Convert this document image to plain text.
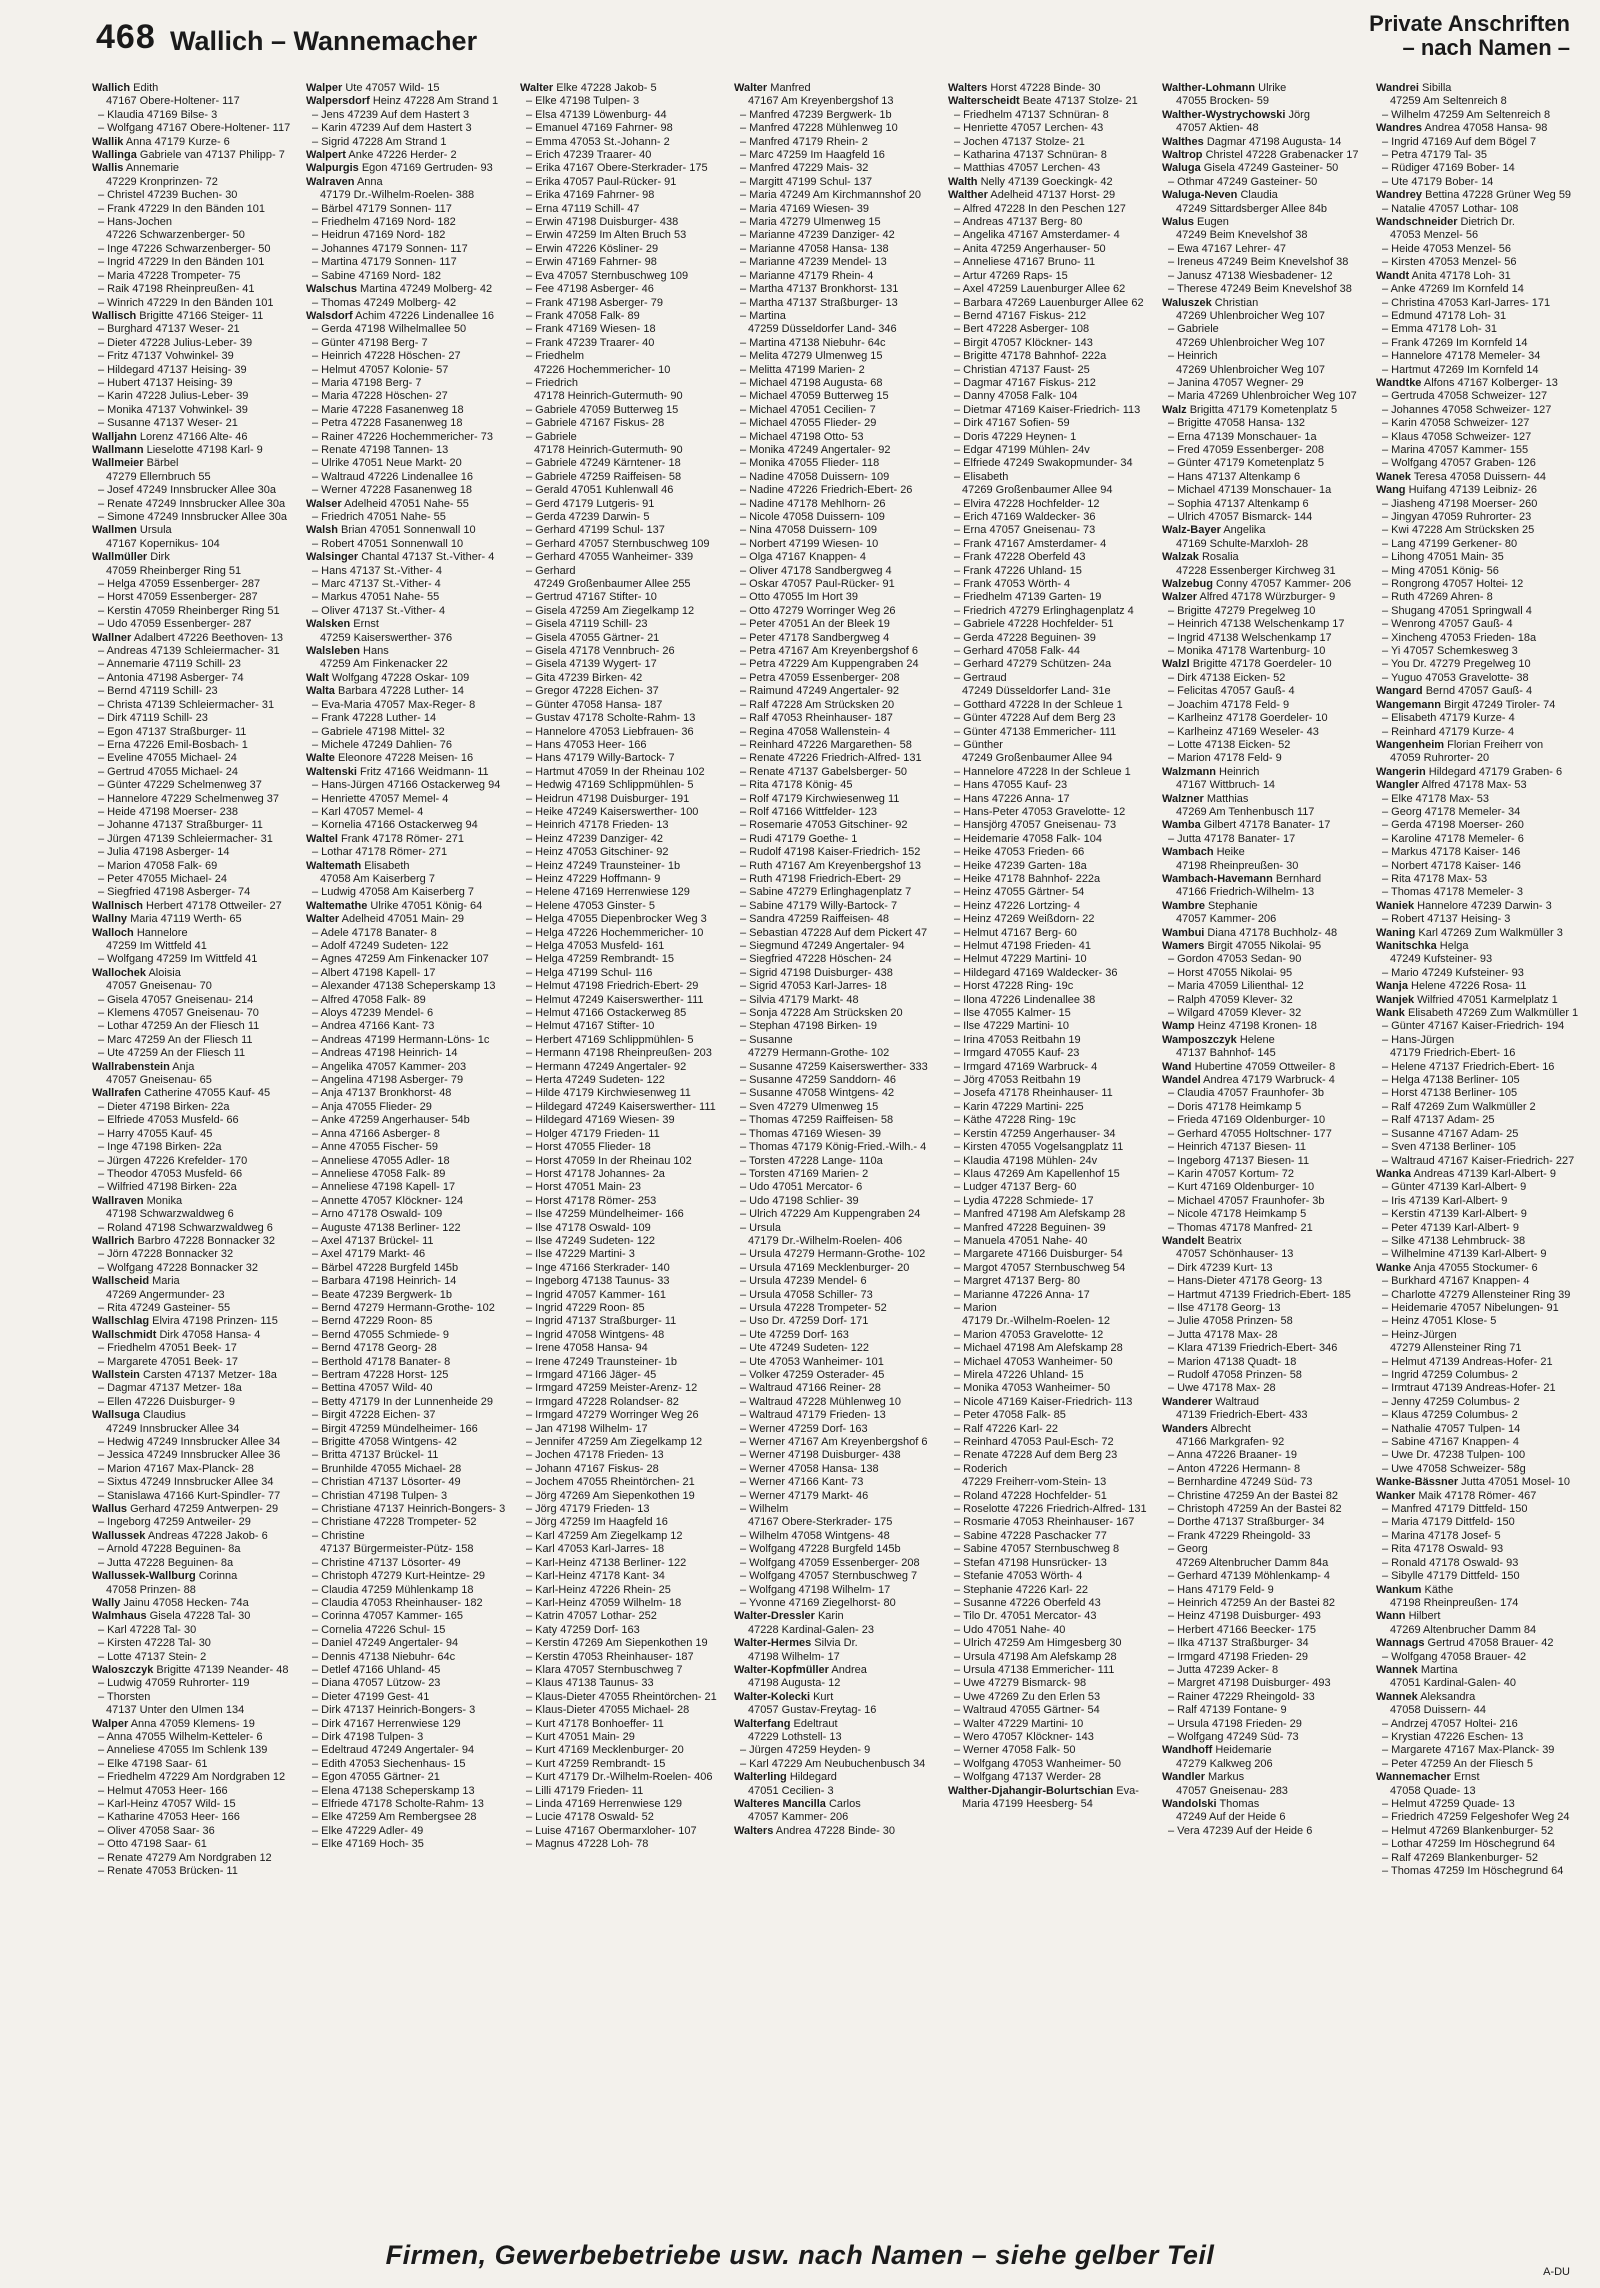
468 Wallich – Wannemacher
Private Anschriften
– nach Namen –
Wallich Edith
47167 Obere-Holtener- 117
– Klaudia 47169 Bilse- 3
– Wolfgang 47167 Obere-Holtener- 117
Wallik Anna 47179 Kurze- 6
Wallinga Gabriele van 47137 Philipp- 7
Wallis Annemarie
47229 Kronprinzen- 72
– Christel 47239 Buchen- 30
– Frank 47229 In den Bänden 101
– Hans-Jochen
47226 Schwarzenberger- 50
– Inge 47226 Schwarzenberger- 50
– Ingrid 47229 In den Bänden 101
– Maria 47228 Trompeter- 75
– Raik 47198 Rheinpreußen- 41
– Winrich 47229 In den Bänden 101
Wallisch Brigitte 47166 Steiger- 11
– Burghard 47137 Weser- 21
– Dieter 47228 Julius-Leber- 39
– Fritz 47137 Vohwinkel- 39
– Hildegard 47137 Heising- 39
– Hubert 47137 Heising- 39
– Karin 47228 Julius-Leber- 39
– Monika 47137 Vohwinkel- 39
– Susanne 47137 Weser- 21
Walljahn Lorenz 47166 Alte- 46
Wallmann Lieselotte 47198 Karl- 9
Wallmeier Bärbel
47279 Ellernbruch 55
– Josef 47249 Innsbrucker Allee 30a
– Renate 47249 Innsbrucker Allee 30a
– Simone 47249 Innsbrucker Allee 30a
Wallmen Ursula
47167 Kopernikus- 104
Wallmüller Dirk
47059 Rheinberger Ring 51
– Helga 47059 Essenberger- 287
– Horst 47059 Essenberger- 287
– Kerstin 47059 Rheinberger Ring 51
– Udo 47059 Essenberger- 287
Wallner Adalbert 47226 Beethoven- 13
– Andreas 47139 Schleiermacher- 31
– Annemarie 47119 Schill- 23
– Antonia 47198 Asberger- 74
– Bernd 47119 Schill- 23
– Christa 47139 Schleiermacher- 31
– Dirk 47119 Schill- 23
– Egon 47137 Straßburger- 11
– Erna 47226 Emil-Bosbach- 1
– Eveline 47055 Michael- 24
– Gertrud 47055 Michael- 24
– Günter 47229 Schelmenweg 37
– Hannelore 47229 Schelmenweg 37
– Heide 47198 Moerser- 238
– Johanne 47137 Straßburger- 11
– Jürgen 47139 Schleiermacher- 31
– Julia 47198 Asberger- 14
– Marion 47058 Falk- 69
– Peter 47055 Michael- 24
– Siegfried 47198 Asberger- 74
Wallnisch Herbert 47178 Ottweiler- 27
Wallny Maria 47119 Werth- 65
Walloch Hannelore
47259 Im Wittfeld 41
– Wolfgang 47259 Im Wittfeld 41
Wallochek Aloisia
47057 Gneisenau- 70
– Gisela 47057 Gneisenau- 214
– Klemens 47057 Gneisenau- 70
– Lothar 47259 An der Fliesch 11
– Marc 47259 An der Fliesch 11
– Ute 47259 An der Fliesch 11
Wallrabenstein Anja
47057 Gneisenau- 65
Wallrafen Catherine 47055 Kauf- 45
– Dieter 47198 Birken- 22a
– Elfriede 47053 Musfeld- 66
– Harry 47055 Kauf- 45
– Inge 47198 Birken- 22a
– Jürgen 47226 Krefelder- 170
– Theodor 47053 Musfeld- 66
– Wilfried 47198 Birken- 22a
Wallraven Monika
47198 Schwarzwaldweg 6
– Roland 47198 Schwarzwaldweg 6
Wallrich Barbro 47228 Bonnacker 32
– Jörn 47228 Bonnacker 32
– Wolfgang 47228 Bonnacker 32
Wallscheid Maria
47269 Angermunder- 23
– Rita 47249 Gasteiner- 55
Wallschlag Elvira 47198 Prinzen- 115
Wallschmidt Dirk 47058 Hansa- 4
– Friedhelm 47051 Beek- 17
– Margarete 47051 Beek- 17
Wallstein Carsten 47137 Metzer- 18a
– Dagmar 47137 Metzer- 18a
– Ellen 47226 Duisburger- 9
Wallsuga Claudius
47249 Innsbrucker Allee 34
– Hedwig 47249 Innsbrucker Allee 34
– Jessica 47249 Innsbrucker Allee 36
– Marion 47167 Max-Planck- 28
– Sixtus 47249 Innsbrucker Allee 34
– Stanislawa 47166 Kurt-Spindler- 77
Wallus Gerhard 47259 Antwerpen- 29
– Ingeborg 47259 Antweiler- 29
Wallussek Andreas 47228 Jakob- 6
– Arnold 47228 Beguinen- 8a
– Jutta 47228 Beguinen- 8a
Wallussek-Wallburg Corinna
47058 Prinzen- 88
Wally Jainu 47058 Hecken- 74a
Walmhaus Gisela 47228 Tal- 30
– Karl 47228 Tal- 30
– Kirsten 47228 Tal- 30
– Lotte 47137 Stein- 2
Waloszczyk Brigitte 47139 Neander- 48
– Ludwig 47059 Ruhrorter- 119
– Thorsten
47137 Unter den Ulmen 134
Walper Anna 47059 Klemens- 19
– Anna 47055 Wilhelm-Ketteler- 6
– Anneliese 47055 Im Schlenk 139
– Elke 47198 Saar- 61
– Friedhelm 47229 Am Nordgraben 12
– Helmut 47053 Heer- 166
– Karl-Heinz 47057 Wild- 15
– Katharine 47053 Heer- 166
– Oliver 47058 Saar- 36
– Otto 47198 Saar- 61
– Renate 47279 Am Nordgraben 12
– Renate 47053 Brücken- 11
Walper Ute 47057 Wild- 15
Walpersdorf Heinz 47228 Am Strand 1
– Jens 47239 Auf dem Hastert 3
– Karin 47239 Auf dem Hastert 3
– Sigrid 47228 Am Strand 1
Walpert Anke 47226 Herder- 2
Walpurgis Egon 47169 Gertruden- 93
Walraven Anna
47179 Dr.-Wilhelm-Roelen- 388
– Bärbel 47179 Sonnen- 117
– Friedhelm 47169 Nord- 182
– Heidrun 47169 Nord- 182
– Johannes 47179 Sonnen- 117
– Martina 47179 Sonnen- 117
– Sabine 47169 Nord- 182
Walschus Martina 47249 Molberg- 42
– Thomas 47249 Molberg- 42
Walsdorf Achim 47226 Lindenallee 16
– Gerda 47198 Wilhelmallee 50
– Günter 47198 Berg- 7
– Heinrich 47228 Höschen- 27
– Helmut 47057 Kolonie- 57
– Maria 47198 Berg- 7
– Maria 47228 Höschen- 27
– Marie 47228 Fasanenweg 18
– Petra 47228 Fasanenweg 18
– Rainer 47226 Hochemmericher- 73
– Renate 47198 Tannen- 13
– Ulrike 47051 Neue Markt- 20
– Waltraud 47226 Lindenallee 16
– Werner 47228 Fasanenweg 18
Walser Adelheid 47051 Nahe- 55
– Friedrich 47051 Nahe- 55
Walsh Brian 47051 Sonnenwall 10
– Robert 47051 Sonnenwall 10
Walsinger Chantal 47137 St.-Vither- 4
– Hans 47137 St.-Vither- 4
– Marc 47137 St.-Vither- 4
– Markus 47051 Nahe- 55
– Oliver 47137 St.-Vither- 4
Walsken Ernst
47259 Kaiserswerther- 376
Walsleben Hans
47259 Am Finkenacker 22
Walt Wolfgang 47228 Oskar- 109
Walta Barbara 47228 Luther- 14
– Eva-Maria 47057 Max-Reger- 8
– Frank 47228 Luther- 14
– Gabriele 47198 Mittel- 32
– Michele 47249 Dahlien- 76
Walte Eleonore 47228 Meisen- 16
Waltenski Fritz 47166 Weidmann- 11
– Hans-Jürgen 47166 Ostackerweg 94
– Henriette 47057 Memel- 4
– Karl 47057 Memel- 4
– Kornelia 47166 Ostackerweg 94
Waltel Frank 47178 Römer- 271
– Lothar 47178 Römer- 271
Waltemath Elisabeth
47058 Am Kaiserberg 7
– Ludwig 47058 Am Kaiserberg 7
Waltemathe Ulrike 47051 König- 64
Walter Adelheid 47051 Main- 29
– Adele 47178 Banater- 8
– Adolf 47249 Sudeten- 122
– Agnes 47259 Am Finkenacker 107
– Albert 47198 Kapell- 17
– Alexander 47138 Scheperskamp 13
– Alfred 47058 Falk- 89
– Aloys 47239 Mendel- 6
– Andrea 47166 Kant- 73
– Andreas 47199 Hermann-Löns- 1c
– Andreas 47198 Heinrich- 14
– Angelika 47057 Kammer- 203
– Angelina 47198 Asberger- 79
– Anja 47137 Bronkhorst- 48
– Anja 47055 Flieder- 29
– Anke 47259 Angerhauser- 54b
– Anna 47166 Asberger- 8
– Anne 47055 Fischer- 59
– Anneliese 47055 Adler- 18
– Anneliese 47058 Falk- 89
– Anneliese 47198 Kapell- 17
– Annette 47057 Klöckner- 124
– Arno 47178 Oswald- 109
– Auguste 47138 Berliner- 122
– Axel 47137 Brückel- 11
– Axel 47179 Markt- 46
– Bärbel 47228 Burgfeld 145b
– Barbara 47198 Heinrich- 14
– Beate 47239 Bergwerk- 1b
– Bernd 47279 Hermann-Grothe- 102
– Bernd 47229 Roon- 85
– Bernd 47055 Schmiede- 9
– Bernd 47178 Georg- 28
– Berthold 47178 Banater- 8
– Bertram 47228 Horst- 125
– Bettina 47057 Wild- 40
– Betty 47179 In der Lunnenheide 29
– Birgit 47228 Eichen- 37
– Birgit 47259 Mündelheimer- 166
– Brigitte 47058 Wintgens- 42
– Britta 47137 Brückel- 11
– Brunhilde 47055 Michael- 28
– Christian 47137 Lösorter- 49
– Christian 47198 Tulpen- 3
– Christiane 47137 Heinrich-Bongers- 3
– Christiane 47228 Trompeter- 52
– Christine
47137 Bürgermeister-Pütz- 158
– Christine 47137 Lösorter- 49
– Christoph 47279 Kurt-Heintze- 29
– Claudia 47259 Mühlenkamp 18
– Claudia 47053 Rheinhauser- 182
– Corinna 47057 Kammer- 165
– Cornelia 47226 Schul- 15
– Daniel 47249 Angertaler- 94
– Dennis 47138 Niebuhr- 64c
– Detlef 47166 Uhland- 45
– Diana 47057 Lützow- 23
– Dieter 47199 Gest- 41
– Dirk 47137 Heinrich-Bongers- 3
– Dirk 47167 Herrenwiese 129
– Dirk 47198 Tulpen- 3
– Edeltraud 47249 Angertaler- 94
– Edith 47053 Siechenhaus- 15
– Egon 47055 Gärtner- 21
– Elena 47138 Scheperskamp 13
– Elfriede 47178 Scholte-Rahm- 13
– Elke 47259 Am Rembergsee 28
– Elke 47229 Adler- 49
– Elke 47169 Hoch- 35
Walter Elke 47228 Jakob- 5
– Elke 47198 Tulpen- 3
– Elsa 47139 Löwenburg- 44
– Emanuel 47169 Fahrner- 98
– Emma 47053 St.-Johann- 2
– Erich 47239 Traarer- 40
– Erika 47167 Obere-Sterkrader- 175
– Erika 47057 Paul-Rücker- 91
– Erika 47169 Fahrner- 98
– Erna 47119 Schill- 47
– Erwin 47198 Duisburger- 438
– Erwin 47259 Im Alten Bruch 53
– Erwin 47226 Kösliner- 29
– Erwin 47169 Fahrner- 98
– Eva 47057 Sternbuschweg 109
– Fee 47198 Asberger- 46
– Frank 47198 Asberger- 79
– Frank 47058 Falk- 89
– Frank 47169 Wiesen- 18
– Frank 47239 Traarer- 40
– Friedhelm
47226 Hochemmericher- 10
– Friedrich
47178 Heinrich-Gutermuth- 90
– Gabriele 47059 Butterweg 15
– Gabriele 47167 Fiskus- 28
– Gabriele
47178 Heinrich-Gutermuth- 90
– Gabriele 47249 Kärntener- 18
– Gabriele 47259 Raiffeisen- 58
– Gerald 47051 Kuhlenwall 46
– Gerd 47179 Lutgeris- 91
– Gerda 47239 Darwin- 5
– Gerhard 47199 Schul- 137
– Gerhard 47057 Sternbuschweg 109
– Gerhard 47055 Wanheimer- 339
– Gerhard
47249 Großenbaumer Allee 255
– Gertrud 47167 Stifter- 10
– Gisela 47259 Am Ziegelkamp 12
– Gisela 47119 Schill- 23
– Gisela 47055 Gärtner- 21
– Gisela 47178 Vennbruch- 26
– Gisela 47139 Wygert- 17
– Gita 47239 Birken- 42
– Gregor 47228 Eichen- 37
– Günter 47058 Hansa- 187
– Gustav 47178 Scholte-Rahm- 13
– Hannelore 47053 Liebfrauen- 36
– Hans 47053 Heer- 166
– Hans 47179 Willy-Bartock- 7
– Hartmut 47059 In der Rheinau 102
– Hedwig 47169 Schlippmühlen- 5
– Heidrun 47198 Duisburger- 191
– Heike 47249 Kaiserswerther- 100
– Heinrich 47178 Frieden- 13
– Heinz 47239 Danziger- 42
– Heinz 47053 Gitschiner- 92
– Heinz 47249 Traunsteiner- 1b
– Heinz 47229 Hoffmann- 9
– Helene 47169 Herrenwiese 129
– Helene 47053 Ginster- 5
– Helga 47055 Diepenbrocker Weg 3
– Helga 47226 Hochemmericher- 10
– Helga 47053 Musfeld- 161
– Helga 47259 Rembrandt- 15
– Helga 47199 Schul- 116
– Helmut 47198 Friedrich-Ebert- 29
– Helmut 47249 Kaiserswerther- 111
– Helmut 47166 Ostackerweg 85
– Helmut 47167 Stifter- 10
– Herbert 47169 Schlippmühlen- 5
– Hermann 47198 Rheinpreußen- 203
– Hermann 47249 Angertaler- 92
– Herta 47249 Sudeten- 122
– Hilde 47179 Kirchwiesenweg 11
– Hildegard 47249 Kaiserswerther- 111
– Hildegard 47169 Wiesen- 39
– Holger 47179 Frieden- 11
– Horst 47055 Flieder- 18
– Horst 47059 In der Rheinau 102
– Horst 47178 Johannes- 2a
– Horst 47051 Main- 23
– Horst 47178 Römer- 253
– Ilse 47259 Mündelheimer- 166
– Ilse 47178 Oswald- 109
– Ilse 47249 Sudeten- 122
– Ilse 47229 Martini- 3
– Inge 47166 Sterkrader- 140
– Ingeborg 47138 Taunus- 33
– Ingrid 47057 Kammer- 161
– Ingrid 47229 Roon- 85
– Ingrid 47137 Straßburger- 11
– Ingrid 47058 Wintgens- 48
– Irene 47058 Hansa- 94
– Irene 47249 Traunsteiner- 1b
– Irmgard 47166 Jäger- 45
– Irmgard 47259 Meister-Arenz- 12
– Irmgard 47228 Rolandser- 82
– Irmgard 47279 Worringer Weg 26
– Jan 47198 Wilhelm- 17
– Jennifer 47259 Am Ziegelkamp 12
– Jochen 47178 Frieden- 13
– Johann 47167 Fiskus- 28
– Jochem 47055 Rheintörchen- 21
– Jörg 47269 Am Siepenkothen 19
– Jörg 47179 Frieden- 13
– Jörg 47259 Im Haagfeld 16
– Karl 47259 Am Ziegelkamp 12
– Karl 47053 Karl-Jarres- 18
– Karl-Heinz 47138 Berliner- 122
– Karl-Heinz 47178 Kant- 34
– Karl-Heinz 47226 Rhein- 25
– Karl-Heinz 47059 Wilhelm- 18
– Katrin 47057 Lothar- 252
– Katy 47259 Dorf- 163
– Kerstin 47269 Am Siepenkothen 19
– Kerstin 47053 Rheinhauser- 187
– Klara 47057 Sternbuschweg 7
– Klaus 47138 Taunus- 33
– Klaus-Dieter 47055 Rheintörchen- 21
– Klaus-Dieter 47055 Michael- 28
– Kurt 47178 Bonhoeffer- 11
– Kurt 47051 Main- 29
– Kurt 47169 Mecklenburger- 20
– Kurt 47259 Rembrandt- 15
– Kurt 47179 Dr.-Wilhelm-Roelen- 406
– Lilli 47179 Frieden- 11
– Linda 47169 Herrenwiese 129
– Lucie 47178 Oswald- 52
– Luise 47167 Obermarxloher- 107
– Magnus 47228 Loh- 78
Walter Manfred
47167 Am Kreyenbergshof 13
– Manfred 47239 Bergwerk- 1b
– Manfred 47228 Mühlenweg 10
– Manfred 47179 Rhein- 2
– Marc 47259 Im Haagfeld 16
– Manfred 47229 Mais- 32
– Margitt 47199 Schul- 137
– Maria 47249 Am Kirchmannshof 20
– Maria 47169 Wiesen- 39
– Maria 47279 Ulmenweg 15
– Marianne 47239 Danziger- 42
– Marianne 47058 Hansa- 138
– Marianne 47239 Mendel- 13
– Marianne 47179 Rhein- 4
– Martha 47137 Bronkhorst- 131
– Martha 47137 Straßburger- 13
– Martina
47259 Düsseldorfer Land- 346
– Martina 47138 Niebuhr- 64c
– Melita 47279 Ulmenweg 15
– Melitta 47199 Marien- 2
– Michael 47198 Augusta- 68
– Michael 47059 Butterweg 15
– Michael 47051 Cecilien- 7
– Michael 47055 Flieder- 29
– Michael 47198 Otto- 53
– Monika 47249 Angertaler- 92
– Monika 47055 Flieder- 118
– Nadine 47058 Duissern- 109
– Nadine 47226 Friedrich-Ebert- 26
– Nadine 47178 Mehlhorn- 26
– Nicole 47058 Duissern- 109
– Nina 47058 Duissern- 109
– Norbert 47199 Wiesen- 10
– Olga 47167 Knappen- 4
– Oliver 47178 Sandbergweg 4
– Oskar 47057 Paul-Rücker- 91
– Otto 47055 Im Hort 39
– Otto 47279 Worringer Weg 26
– Peter 47051 An der Bleek 19
– Peter 47178 Sandbergweg 4
– Petra 47167 Am Kreyenbergshof 6
– Petra 47229 Am Kuppengraben 24
– Petra 47059 Essenberger- 208
– Raimund 47249 Angertaler- 92
– Ralf 47228 Am Strücksken 20
– Ralf 47053 Rheinhauser- 187
– Regina 47058 Wallenstein- 4
– Reinhard 47226 Margarethen- 58
– Renate 47226 Friedrich-Alfred- 131
– Renate 47137 Gabelsberger- 50
– Rita 47178 König- 45
– Rolf 47179 Kirchwiesenweg 11
– Rolf 47166 Wittfelder- 123
– Rosemarie 47053 Gitschiner- 92
– Rudi 47179 Goethe- 1
– Rudolf 47198 Kaiser-Friedrich- 152
– Ruth 47167 Am Kreyenbergshof 13
– Ruth 47198 Friedrich-Ebert- 29
– Sabine 47279 Erlinghagenplatz 7
– Sabine 47179 Willy-Bartock- 7
– Sandra 47259 Raiffeisen- 48
– Sebastian 47228 Auf dem Pickert 47
– Siegmund 47249 Angertaler- 94
– Siegfried 47228 Höschen- 24
– Sigrid 47198 Duisburger- 438
– Sigrid 47053 Karl-Jarres- 18
– Silvia 47179 Markt- 48
– Sonja 47228 Am Strücksken 20
– Stephan 47198 Birken- 19
– Susanne
47279 Hermann-Grothe- 102
– Susanne 47259 Kaiserswerther- 333
– Susanne 47259 Sanddorn- 46
– Susanne 47058 Wintgens- 42
– Sven 47279 Ulmenweg 15
– Thomas 47259 Raiffeisen- 58
– Thomas 47169 Wiesen- 39
– Thomas 47179 König-Fried.-Wilh.- 4
– Torsten 47228 Lange- 110a
– Torsten 47169 Marien- 2
– Udo 47051 Mercator- 6
– Udo 47198 Schlier- 39
– Ulrich 47229 Am Kuppengraben 24
– Ursula
47179 Dr.-Wilhelm-Roelen- 406
– Ursula 47279 Hermann-Grothe- 102
– Ursula 47169 Mecklenburger- 20
– Ursula 47239 Mendel- 6
– Ursula 47058 Schiller- 73
– Ursula 47228 Trompeter- 52
– Uso Dr. 47259 Dorf- 171
– Ute 47259 Dorf- 163
– Ute 47249 Sudeten- 122
– Ute 47053 Wanheimer- 101
– Volker 47259 Osterader- 45
– Waltraud 47166 Reiner- 28
– Waltraud 47228 Mühlenweg 10
– Waltraud 47179 Frieden- 13
– Werner 47259 Dorf- 163
– Werner 47167 Am Kreyenbergshof 6
– Werner 47198 Duisburger- 438
– Werner 47058 Hansa- 138
– Werner 47166 Kant- 73
– Werner 47179 Markt- 46
– Wilhelm
47167 Obere-Sterkrader- 175
– Wilhelm 47058 Wintgens- 48
– Wolfgang 47228 Burgfeld 145b
– Wolfgang 47059 Essenberger- 208
– Wolfgang 47057 Sternbuschweg 7
– Wolfgang 47198 Wilhelm- 17
– Yvonne 47169 Ziegelhorst- 80
Walter-Dressler Karin
47228 Kardinal-Galen- 23
Walter-Hermes Silvia Dr.
47198 Wilhelm- 17
Walter-Kopfmüller Andrea
47198 Augusta- 12
Walter-Kolecki Kurt
47057 Gustav-Freytag- 16
Walterfang Edeltraut
47229 Lothstell- 13
– Jürgen 47259 Heyden- 9
– Karl 47229 Am Neubuchenbusch 34
Walterling Hildegard
47051 Cecilien- 3
Walteres Mancilla Carlos
47057 Kammer- 206
Walters Andrea 47228 Binde- 30
Walters Horst 47228 Binde- 30
Walterscheidt Beate 47137 Stolze- 21
– Friedhelm 47137 Schnüran- 8
– Henriette 47057 Lerchen- 43
– Jochen 47137 Stolze- 21
– Katharina 47137 Schnüran- 8
– Matthias 47057 Lerchen- 43
Walth Nelly 47139 Goeckingk- 42
Walther Adelheid 47137 Horst- 29
– Alfred 47228 In den Peschen 127
– Andreas 47137 Berg- 80
– Angelika 47167 Amsterdamer- 4
– Anita 47259 Angerhauser- 50
– Anneliese 47167 Bruno- 11
– Artur 47269 Raps- 15
– Axel 47259 Lauenburger Allee 62
– Barbara 47269 Lauenburger Allee 62
– Bernd 47167 Fiskus- 212
– Bert 47228 Asberger- 108
– Birgit 47057 Klöckner- 143
– Brigitte 47178 Bahnhof- 222a
– Christian 47137 Faust- 25
– Dagmar 47167 Fiskus- 212
– Danny 47058 Falk- 104
– Dietmar 47169 Kaiser-Friedrich- 113
– Dirk 47167 Sofien- 59
– Doris 47229 Heynen- 1
– Edgar 47199 Mühlen- 24v
– Elfriede 47249 Swakopmunder- 34
– Elisabeth
47269 Großenbaumer Allee 94
– Elvira 47228 Hochfelder- 12
– Erich 47169 Waldecker- 36
– Erna 47057 Gneisenau- 73
– Frank 47167 Amsterdamer- 4
– Frank 47228 Oberfeld 43
– Frank 47226 Uhland- 15
– Frank 47053 Wörth- 4
– Friedhelm 47139 Garten- 19
– Friedrich 47279 Erlinghagenplatz 4
– Gabriele 47228 Hochfelder- 51
– Gerda 47228 Beguinen- 39
– Gerhard 47058 Falk- 44
– Gerhard 47279 Schützen- 24a
– Gertraud
47249 Düsseldorfer Land- 31e
– Gotthard 47228 In der Schleue 1
– Günter 47228 Auf dem Berg 23
– Günter 47138 Emmericher- 111
– Günther
47249 Großenbaumer Allee 94
– Hannelore 47228 In der Schleue 1
– Hans 47055 Kauf- 23
– Hans 47226 Anna- 17
– Hans-Peter 47053 Gravelotte- 12
– Hansjörg 47057 Gneisenau- 73
– Heidemarie 47058 Falk- 104
– Heike 47053 Frieden- 66
– Heike 47239 Garten- 18a
– Heike 47178 Bahnhof- 222a
– Heinz 47055 Gärtner- 54
– Heinz 47226 Lortzing- 4
– Heinz 47269 Weißdorn- 22
– Helmut 47167 Berg- 60
– Helmut 47198 Frieden- 41
– Helmut 47229 Martini- 10
– Hildegard 47169 Waldecker- 36
– Horst 47228 Ring- 19c
– Ilona 47226 Lindenallee 38
– Ilse 47055 Kalmer- 15
– Ilse 47229 Martini- 10
– Irina 47053 Reitbahn 19
– Irmgard 47055 Kauf- 23
– Irmgard 47169 Warbruck- 4
– Jörg 47053 Reitbahn 19
– Josefa 47178 Rheinhauser- 11
– Karin 47229 Martini- 225
– Käthe 47228 Ring- 19c
– Kerstin 47259 Angerhauser- 34
– Kirsten 47055 Vogelsangplatz 11
– Klaudia 47198 Mühlen- 24v
– Klaus 47269 Am Kapellenhof 15
– Ludger 47137 Berg- 60
– Lydia 47228 Schmiede- 17
– Manfred 47198 Am Alefskamp 28
– Manfred 47228 Beguinen- 39
– Manuela 47051 Nahe- 40
– Margarete 47166 Duisburger- 54
– Margot 47057 Sternbuschweg 54
– Margret 47137 Berg- 80
– Marianne 47226 Anna- 17
– Marion
47179 Dr.-Wilhelm-Roelen- 12
– Marion 47053 Gravelotte- 12
– Michael 47198 Am Alefskamp 28
– Michael 47053 Wanheimer- 50
– Mirela 47226 Uhland- 15
– Monika 47053 Wanheimer- 50
– Nicole 47169 Kaiser-Friedrich- 113
– Peter 47058 Falk- 85
– Ralf 47226 Karl- 22
– Reinhard 47053 Paul-Esch- 72
– Renate 47228 Auf dem Berg 23
– Roderich
47229 Freiherr-vom-Stein- 13
– Roland 47228 Hochfelder- 51
– Roselotte 47226 Friedrich-Alfred- 131
– Rosmarie 47053 Rheinhauser- 167
– Sabine 47228 Paschacker 77
– Sabine 47057 Sternbuschweg 8
– Stefan 47198 Hunsrücker- 13
– Stefanie 47053 Wörth- 4
– Stephanie 47226 Karl- 22
– Susanne 47226 Oberfeld 43
– Tilo Dr. 47051 Mercator- 43
– Udo 47051 Nahe- 40
– Ulrich 47259 Am Himgesberg 30
– Ursula 47198 Am Alefskamp 28
– Ursula 47138 Emmericher- 111
– Uwe 47279 Bismarck- 98
– Uwe 47269 Zu den Erlen 53
– Waltraud 47055 Gärtner- 54
– Walter 47229 Martini- 10
– Wero 47057 Klöckner- 143
– Werner 47058 Falk- 50
– Wolfgang 47053 Wanheimer- 50
– Wolfgang 47137 Werder- 28
Walther-Djahangir-Bolurtschian Eva-
Maria 47199 Heesberg- 54
Walther-Lohmann Ulrike
47055 Brocken- 59
Walther-Wystrychowski Jörg
47057 Aktien- 48
Walthes Dagmar 47198 Augusta- 14
Waltrop Christel 47228 Grabenacker 17
Waluga Gisela 47249 Gasteiner- 50
– Othmar 47249 Gasteiner- 50
Waluga-Neven Claudia
47249 Sittardsberger Allee 84b
Walus Eugen
47249 Beim Knevelshof 38
– Ewa 47167 Lehrer- 47
– Ireneus 47249 Beim Knevelshof 38
– Janusz 47138 Wiesbadener- 12
– Therese 47249 Beim Knevelshof 38
Waluszek Christian
47269 Uhlenbroicher Weg 107
– Gabriele
47269 Uhlenbroicher Weg 107
– Heinrich
47269 Uhlenbroicher Weg 107
– Janina 47057 Wegner- 29
– Maria 47269 Uhlenbroicher Weg 107
Walz Brigitta 47179 Kometenplatz 5
– Brigitte 47058 Hansa- 132
– Erna 47139 Monschauer- 1a
– Fred 47059 Essenberger- 208
– Günter 47179 Kometenplatz 5
– Hans 47137 Altenkamp 6
– Michael 47139 Monschauer- 1a
– Sophia 47137 Altenkamp 6
– Ulrich 47057 Bismarck- 144
Walz-Bayer Angelika
47169 Schulte-Marxloh- 28
Walzak Rosalia
47228 Essenberger Kirchweg 31
Walzebug Conny 47057 Kammer- 206
Walzer Alfred 47178 Würzburger- 9
– Brigitte 47279 Pregelweg 10
– Heinrich 47138 Welschenkamp 17
– Ingrid 47138 Welschenkamp 17
– Monika 47178 Wartenburg- 10
Walzl Brigitte 47178 Goerdeler- 10
– Dirk 47138 Eicken- 52
– Felicitas 47057 Gauß- 4
– Joachim 47178 Feld- 9
– Karlheinz 47178 Goerdeler- 10
– Karlheinz 47169 Weseler- 43
– Lotte 47138 Eicken- 52
– Marion 47178 Feld- 9
Walzmann Heinrich
47167 Wittbruch- 14
Walzner Matthias
47269 Am Tenhenbusch 117
Wamba Gilbert 47178 Banater- 17
– Jutta 47178 Banater- 17
Wambach Heike
47198 Rheinpreußen- 30
Wambach-Havemann Bernhard
47166 Friedrich-Wilhelm- 13
Wambre Stephanie
47057 Kammer- 206
Wambui Diana 47178 Buchholz- 48
Wamers Birgit 47055 Nikolai- 95
– Gordon 47053 Sedan- 90
– Horst 47055 Nikolai- 95
– Maria 47059 Lilienthal- 12
– Ralph 47059 Klever- 32
– Wilgard 47059 Klever- 32
Wamp Heinz 47198 Kronen- 18
Wamposzczyk Helene
47137 Bahnhof- 145
Wand Hubertine 47059 Ottweiler- 8
Wandel Andrea 47179 Warbruck- 4
– Claudia 47057 Fraunhofer- 3b
– Doris 47178 Heimkamp 5
– Frieda 47169 Oldenburger- 10
– Gerhard 47055 Holtschner- 177
– Heinrich 47137 Biesen- 11
– Ingeborg 47137 Biesen- 11
– Karin 47057 Kortum- 72
– Kurt 47169 Oldenburger- 10
– Michael 47057 Fraunhofer- 3b
– Nicole 47178 Heimkamp 5
– Thomas 47178 Manfred- 21
Wandelt Beatrix
47057 Schönhauser- 13
– Dirk 47239 Kurt- 13
– Hans-Dieter 47178 Georg- 13
– Hartmut 47139 Friedrich-Ebert- 185
– Ilse 47178 Georg- 13
– Julie 47058 Prinzen- 58
– Jutta 47178 Max- 28
– Klara 47139 Friedrich-Ebert- 346
– Marion 47138 Quadt- 18
– Rudolf 47058 Prinzen- 58
– Uwe 47178 Max- 28
Wanderer Waltraud
47139 Friedrich-Ebert- 433
Wanders Albrecht
47166 Markgrafen- 92
– Anna 47226 Braaner- 19
– Anton 47226 Hermann- 8
– Bernhardine 47249 Süd- 73
– Christine 47259 An der Bastei 82
– Christoph 47259 An der Bastei 82
– Dorthe 47137 Straßburger- 34
– Frank 47229 Rheingold- 33
– Georg
47269 Altenbrucher Damm 84a
– Gerhard 47139 Möhlenkamp- 4
– Hans 47179 Feld- 9
– Heinrich 47259 An der Bastei 82
– Heinz 47198 Duisburger- 493
– Herbert 47166 Beecker- 175
– Ilka 47137 Straßburger- 34
– Irmgard 47198 Frieden- 29
– Jutta 47239 Acker- 8
– Margret 47198 Duisburger- 493
– Rainer 47229 Rheingold- 33
– Ralf 47139 Fontane- 9
– Ursula 47198 Frieden- 29
– Wolfgang 47249 Süd- 73
Wandhoff Heidemarie
47279 Kalkweg 206
Wandler Markus
47057 Gneisenau- 283
Wandolski Thomas
47249 Auf der Heide 6
– Vera 47239 Auf der Heide 6
Wandrei Sibilla
47259 Am Seltenreich 8
– Wilhelm 47259 Am Seltenreich 8
Wandres Andrea 47058 Hansa- 98
– Ingrid 47169 Auf dem Bögel 7
– Petra 47179 Tal- 35
– Rüdiger 47169 Bober- 14
– Ute 47179 Bober- 14
Wandrey Bettina 47228 Grüner Weg 59
– Natalie 47057 Lothar- 108
Wandschneider Dietrich Dr.
47053 Menzel- 56
– Heide 47053 Menzel- 56
– Kirsten 47053 Menzel- 56
Wandt Anita 47178 Loh- 31
– Anke 47269 Im Kornfeld 14
– Christina 47053 Karl-Jarres- 171
– Edmund 47178 Loh- 31
– Emma 47178 Loh- 31
– Frank 47269 Im Kornfeld 14
– Hannelore 47178 Memeler- 34
– Hartmut 47269 Im Kornfeld 14
Wandtke Alfons 47167 Kolberger- 13
– Gertruda 47058 Schweizer- 127
– Johannes 47058 Schweizer- 127
– Karin 47058 Schweizer- 127
– Klaus 47058 Schweizer- 127
– Marina 47057 Kammer- 155
– Wolfgang 47057 Graben- 126
Wanek Teresa 47058 Duissern- 44
Wang Huifang 47139 Leibniz- 26
– Jiasheng 47198 Moerser- 260
– Jingyan 47059 Ruhrorter- 23
– Kwi 47228 Am Strücksken 25
– Lang 47199 Gerkener- 80
– Lihong 47051 Main- 35
– Ming 47051 König- 56
– Rongrong 47057 Holtei- 12
– Ruth 47269 Ahren- 8
– Shugang 47051 Springwall 4
– Wenrong 47057 Gauß- 4
– Xincheng 47053 Frieden- 18a
– Yi 47057 Schemkesweg 3
– You Dr. 47279 Pregelweg 10
– Yuguo 47053 Gravelotte- 38
Wangard Bernd 47057 Gauß- 4
Wangemann Birgit 47249 Tiroler- 74
– Elisabeth 47179 Kurze- 4
– Reinhard 47179 Kurze- 4
Wangenheim Florian Freiherr von
47059 Ruhrorter- 20
Wangerin Hildegard 47179 Graben- 6
Wangler Alfred 47178 Max- 53
– Elke 47178 Max- 53
– Georg 47178 Memeler- 34
– Gerda 47198 Moerser- 260
– Karoline 47178 Memeler- 6
– Markus 47178 Kaiser- 146
– Norbert 47178 Kaiser- 146
– Rita 47178 Max- 53
– Thomas 47178 Memeler- 3
Waniek Hannelore 47239 Darwin- 3
– Robert 47137 Heising- 3
Waning Karl 47269 Zum Walkmüller 3
Wanitschka Helga
47249 Kufsteiner- 93
– Mario 47249 Kufsteiner- 93
Wanja Helene 47226 Rosa- 11
Wanjek Wilfried 47051 Karmelplatz 1
Wank Elisabeth 47269 Zum Walkmüller 1
– Günter 47167 Kaiser-Friedrich- 194
– Hans-Jürgen
47179 Friedrich-Ebert- 16
– Helene 47137 Friedrich-Ebert- 16
– Helga 47138 Berliner- 105
– Horst 47138 Berliner- 105
– Ralf 47269 Zum Walkmüller 2
– Ralf 47137 Adam- 25
– Susanne 47167 Adam- 25
– Sven 47138 Berliner- 105
– Waltraud 47167 Kaiser-Friedrich- 227
Wanka Andreas 47139 Karl-Albert- 9
– Günter 47139 Karl-Albert- 9
– Iris 47139 Karl-Albert- 9
– Kerstin 47139 Karl-Albert- 9
– Peter 47139 Karl-Albert- 9
– Silke 47138 Lehmbruck- 38
– Wilhelmine 47139 Karl-Albert- 9
Wanke Anja 47055 Stockumer- 6
– Burkhard 47167 Knappen- 4
– Charlotte 47279 Allensteiner Ring 39
– Heidemarie 47057 Nibelungen- 91
– Heinz 47051 Klose- 5
– Heinz-Jürgen
47279 Allensteiner Ring 71
– Helmut 47139 Andreas-Hofer- 21
– Ingrid 47259 Columbus- 2
– Irmtraut 47139 Andreas-Hofer- 21
– Jenny 47259 Columbus- 2
– Klaus 47259 Columbus- 2
– Nathalie 47057 Tulpen- 14
– Sabine 47167 Knappen- 4
– Uwe Dr. 47238 Tulpen- 100
– Uwe 47058 Schweizer- 58g
Wanke-Bässner Jutta 47051 Mosel- 10
Wanker Maik 47178 Römer- 467
– Manfred 47179 Dittfeld- 150
– Maria 47179 Dittfeld- 150
– Marina 47178 Josef- 5
– Rita 47178 Oswald- 93
– Ronald 47178 Oswald- 93
– Sibylle 47179 Dittfeld- 150
Wankum Käthe
47198 Rheinpreußen- 174
Wann Hilbert
47269 Altenbrucher Damm 84
Wannags Gertrud 47058 Brauer- 42
– Wolfgang 47058 Brauer- 42
Wannek Martina
47051 Kardinal-Galen- 40
Wannek Aleksandra
47058 Duissern- 44
– Andrzej 47057 Holtei- 216
– Krystian 47226 Eschen- 13
– Margarete 47167 Max-Planck- 39
– Peter 47259 An der Fliesch 5
Wannemacher Ernst
47058 Quade- 13
– Helmut 47259 Quade- 13
– Friedrich 47259 Felgeshofer Weg 24
– Helmut 47269 Blankenburger- 52
– Lothar 47259 Im Höschegrund 64
– Ralf 47269 Blankenburger- 52
– Thomas 47259 Im Höschegrund 64
Firmen, Gewerbebetriebe usw. nach Namen – siehe gelber Teil
A-DU
